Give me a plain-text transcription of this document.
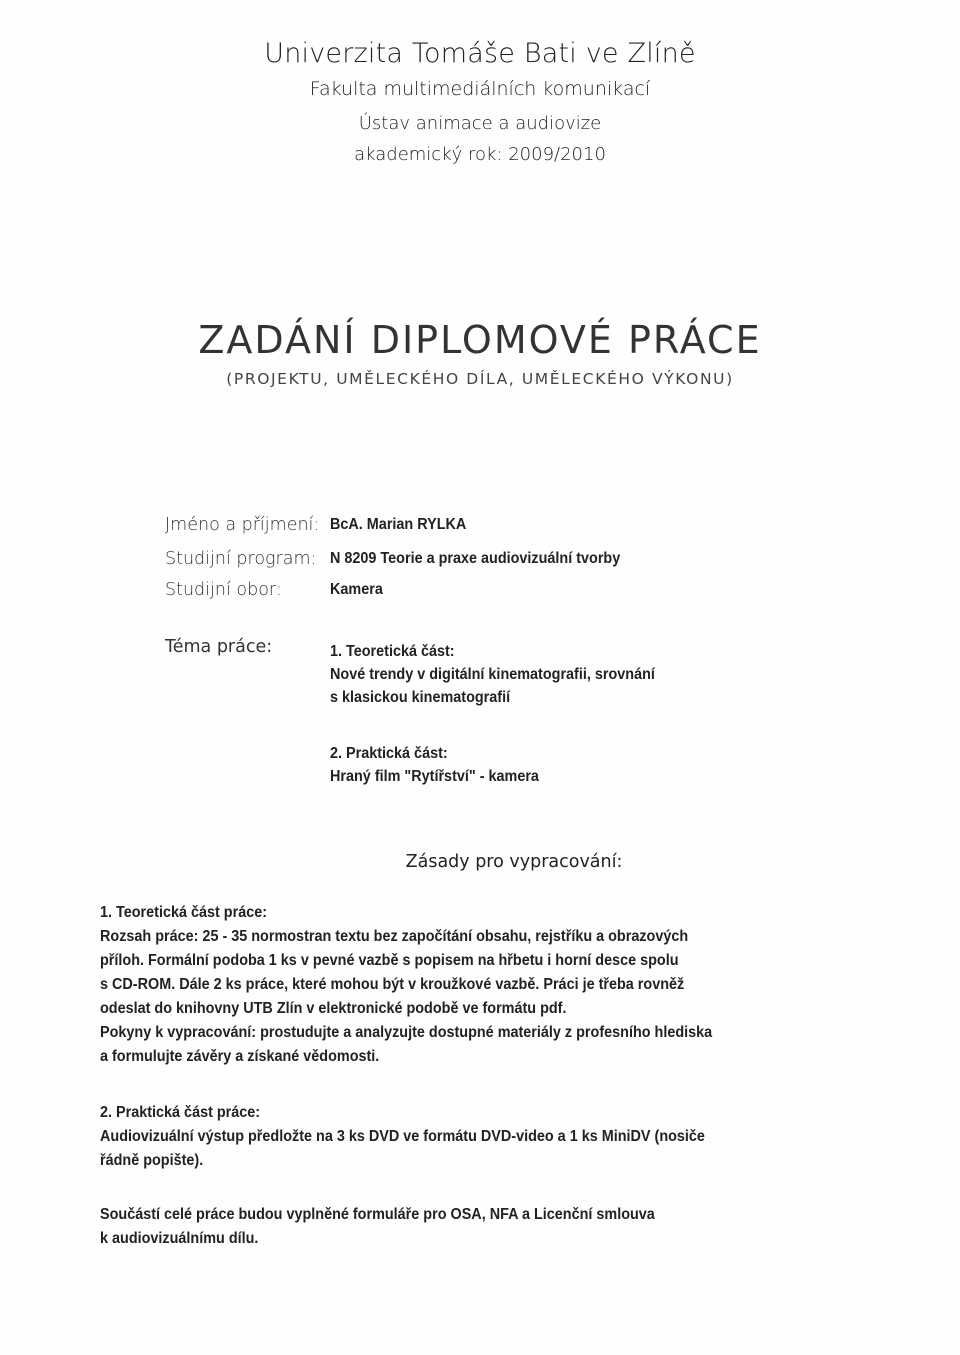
Univerzita Tomáše Bati ve Zlíně
Fakulta multimediálních komunikací
Ústav animace a audiovize
akademický rok: 2009/2010
ZADÁNÍ DIPLOMOVÉ PRÁCE
(PROJEKTU, UMĚLECKÉHO DÍLA, UMĚLECKÉHO VÝKONU)
Jméno a příjmení: BcA. Marian RYLKA
Studijní program: N 8209 Teorie a praxe audiovizuální tvorby
Studijní obor:	Kamera
Téma práce:	1. Teoretická část:
Nové trendy v digitální kinematografii, srovnání
s klasickou kinematografií
2. Praktická část:
Hraný film "Rytířství" - kamera
Zásady pro vypracování:
1. Teoretická část práce:
Rozsah práce: 25 - 35 normostran textu bez započítání obsahu, rejstříku a obrazových
příloh. Formální podoba 1 ks v pevné vazbě s popisem na hřbetu i horní desce spolu
s CD-ROM. Dále 2 ks práce, které mohou být v kroužkové vazbě. Práci je třeba rovněž
odeslat do knihovny UTB Zlín v elektronické podobě ve formátu pdf.
Pokyny k vypracování: prostudujte a analyzujte dostupné materiály z profesního hlediska
a formulujte závěry a získané vědomosti.
2. Praktická část práce:
Audiovizuální výstup předložte na 3 ks DVD ve formátu DVD-video a 1 ks MiniDV (nosiče
řádně popište).
Součástí celé práce budou vyplněné formuláře pro OSA, NFA a Licenční smlouva
k audiovizuálnímu dílu.
